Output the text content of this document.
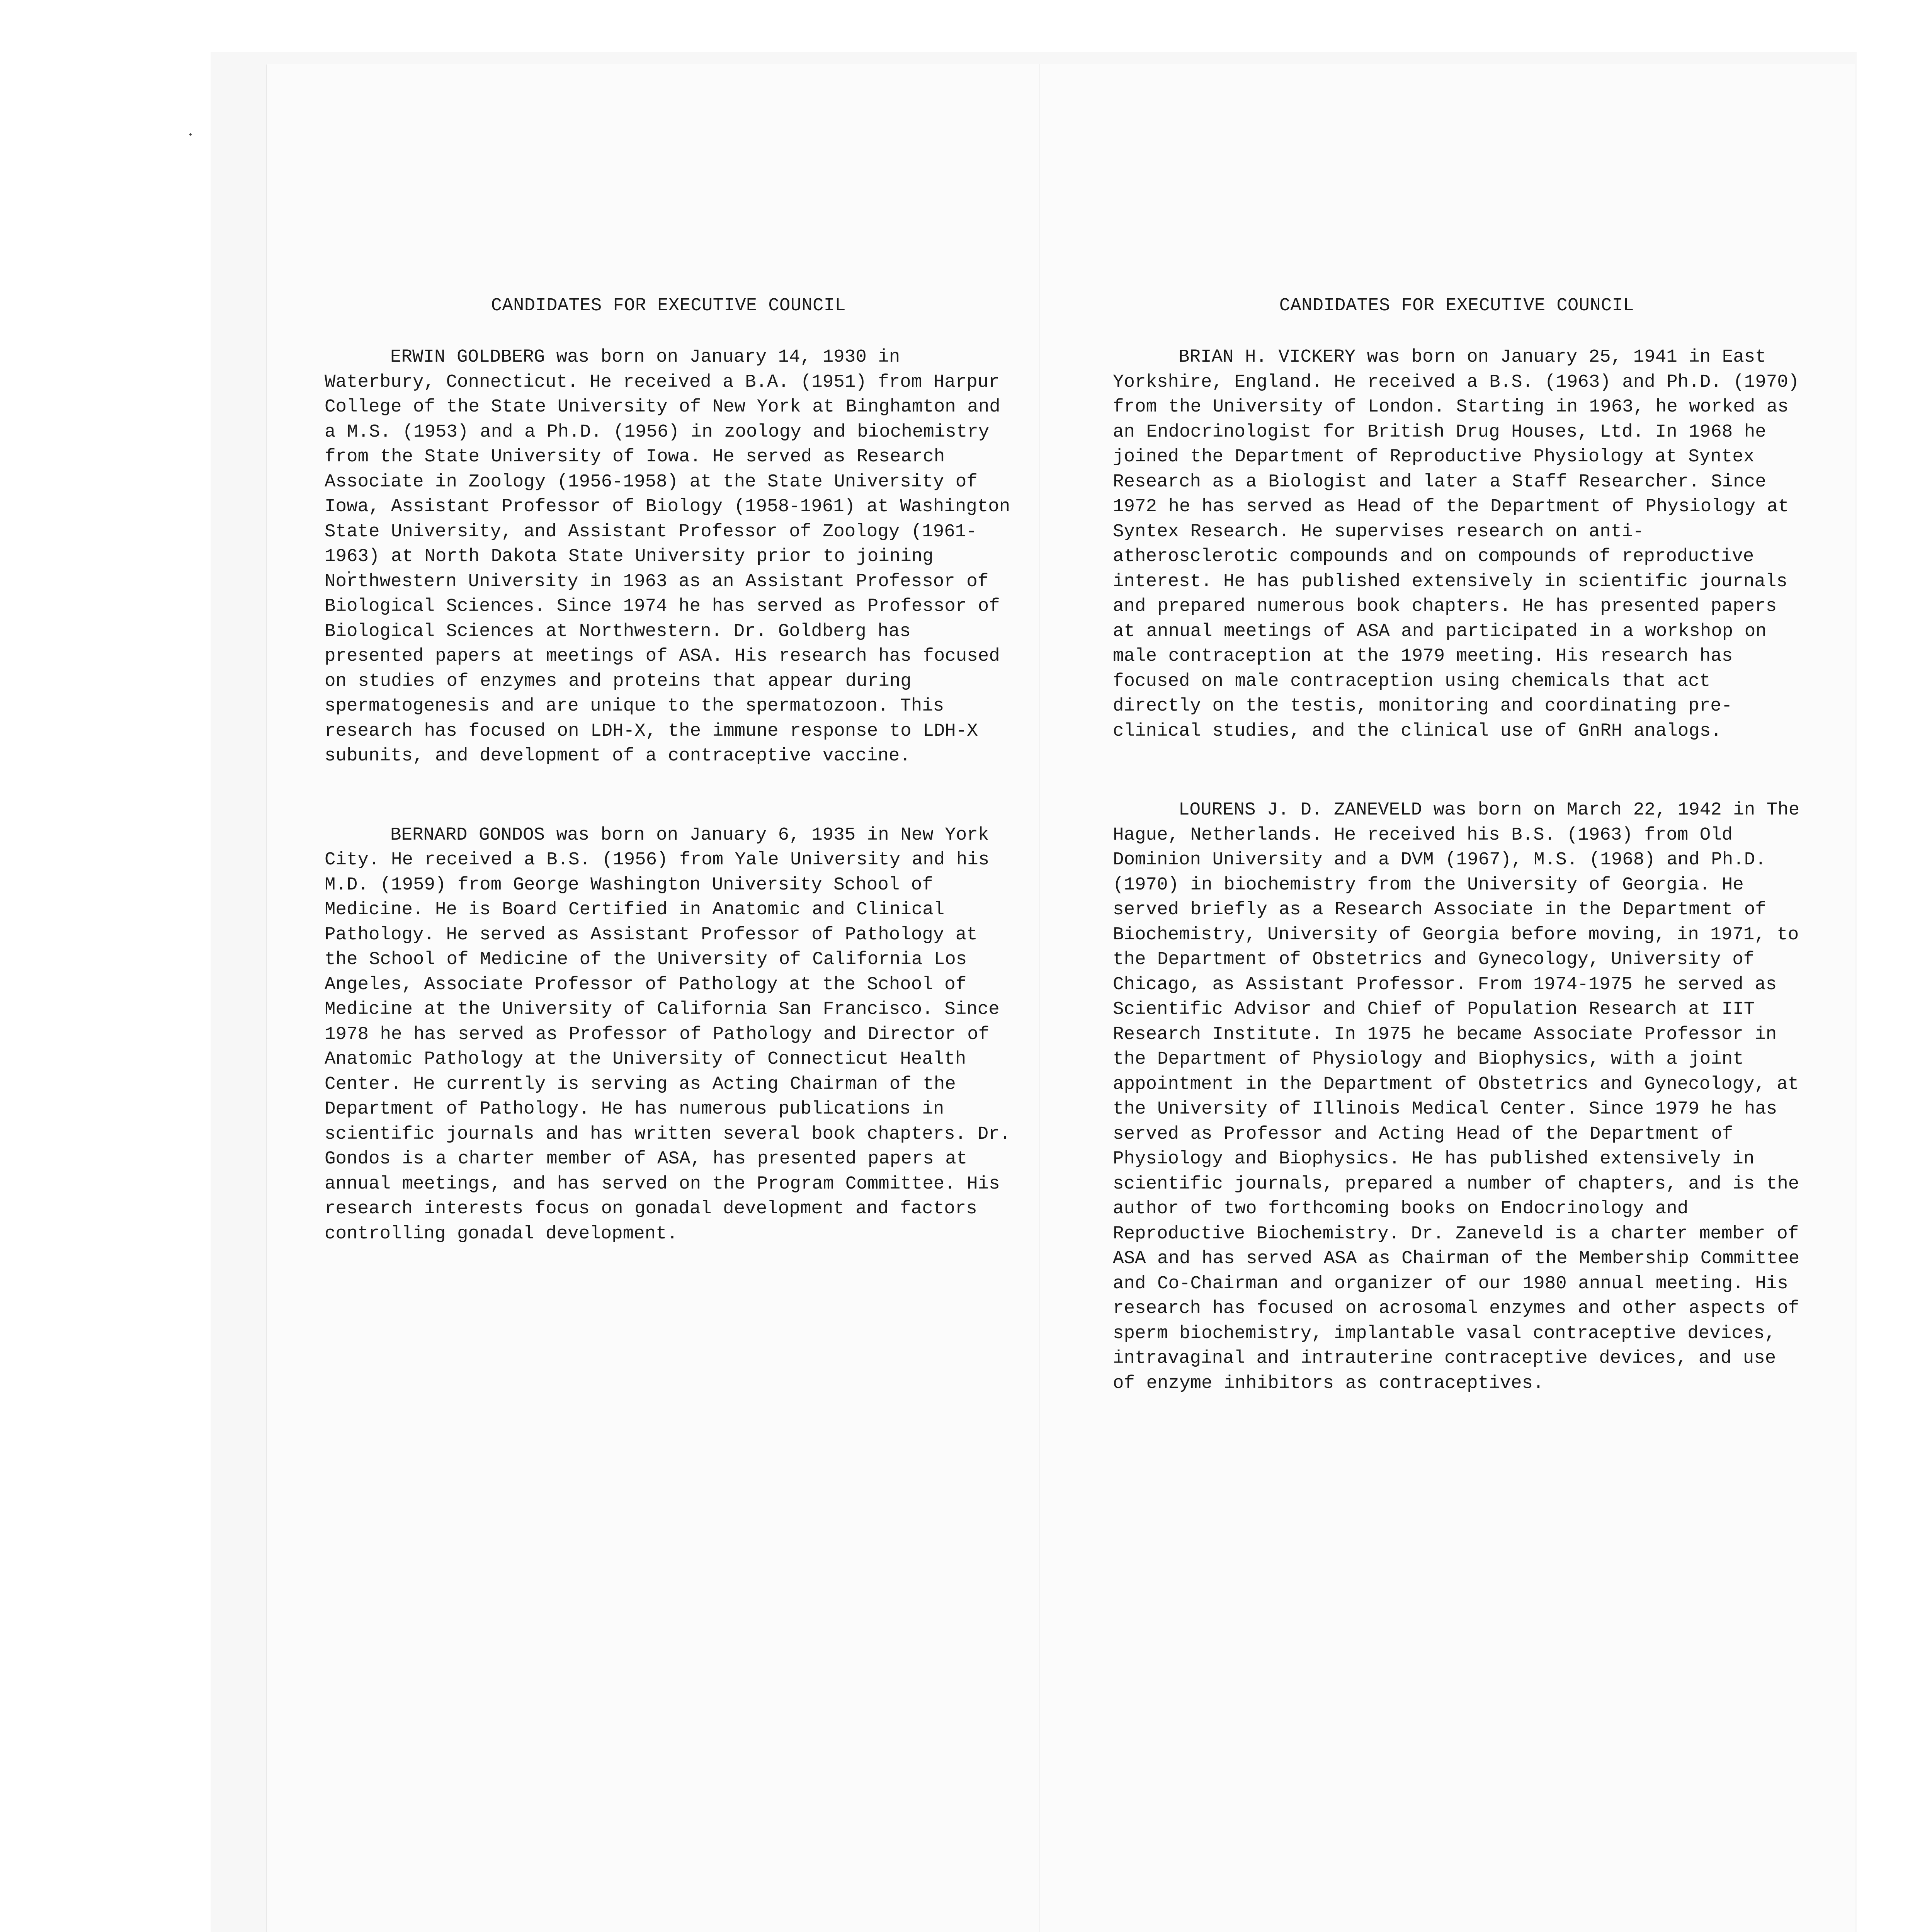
CANDIDATES FOR EXECUTIVE COUNCIL

ERWIN GOLDBERG was born on January 14, 1930 in Waterbury, Connecticut. He received a B.A. (1951) from Harpur College of the State University of New York at Binghamton and a M.S. (1953) and a Ph.D. (1956) in zoology and biochemistry from the State University of Iowa. He served as Research Associate in Zoology (1956-1958) at the State University of Iowa, Assistant Professor of Biology (1958-1961) at Washington State University, and Assistant Professor of Zoology (1961-1963) at North Dakota State University prior to joining Northwestern University in 1963 as an Assistant Professor of Biological Sciences. Since 1974 he has served as Professor of Biological Sciences at Northwestern. Dr. Goldberg has presented papers at meetings of ASA. His research has focused on studies of enzymes and proteins that appear during spermatogenesis and are unique to the spermatozoon. This research has focused on LDH-X, the immune response to LDH-X subunits, and development of a contraceptive vaccine.

BERNARD GONDOS was born on January 6, 1935 in New York City. He received a B.S. (1956) from Yale University and his M.D. (1959) from George Washington University School of Medicine. He is Board Certified in Anatomic and Clinical Pathology. He served as Assistant Professor of Pathology at the School of Medicine of the University of California Los Angeles, Associate Professor of Pathology at the School of Medicine at the University of California San Francisco. Since 1978 he has served as Professor of Pathology and Director of Anatomic Pathology at the University of Connecticut Health Center. He currently is serving as Acting Chairman of the Department of Pathology. He has numerous publications in scientific journals and has written several book chapters. Dr. Gondos is a charter member of ASA, has presented papers at annual meetings, and has served on the Program Committee. His research interests focus on gonadal development and factors controlling gonadal development.

CANDIDATES FOR EXECUTIVE COUNCIL

BRIAN H. VICKERY was born on January 25, 1941 in East Yorkshire, England. He received a B.S. (1963) and Ph.D. (1970) from the University of London. Starting in 1963, he worked as an Endocrinologist for British Drug Houses, Ltd. In 1968 he joined the Department of Reproductive Physiology at Syntex Research as a Biologist and later a Staff Researcher. Since 1972 he has served as Head of the Department of Physiology at Syntex Research. He supervises research on anti-atherosclerotic compounds and on compounds of reproductive interest. He has published extensively in scientific journals and prepared numerous book chapters. He has presented papers at annual meetings of ASA and participated in a workshop on male contraception at the 1979 meeting. His research has focused on male contraception using chemicals that act directly on the testis, monitoring and coordinating pre-clinical studies, and the clinical use of GnRH analogs.

LOURENS J. D. ZANEVELD was born on March 22, 1942 in The Hague, Netherlands. He received his B.S. (1963) from Old Dominion University and a DVM (1967), M.S. (1968) and Ph.D. (1970) in biochemistry from the University of Georgia. He served briefly as a Research Associate in the Department of Biochemistry, University of Georgia before moving, in 1971, to the Department of Obstetrics and Gynecology, University of Chicago, as Assistant Professor. From 1974-1975 he served as Scientific Advisor and Chief of Population Research at IIT Research Institute. In 1975 he became Associate Professor in the Department of Physiology and Biophysics, with a joint appointment in the Department of Obstetrics and Gynecology, at the University of Illinois Medical Center. Since 1979 he has served as Professor and Acting Head of the Department of Physiology and Biophysics. He has published extensively in scientific journals, prepared a number of chapters, and is the author of two forthcoming books on Endocrinology and Reproductive Biochemistry. Dr. Zaneveld is a charter member of ASA and has served ASA as Chairman of the Membership Committee and Co-Chairman and organizer of our 1980 annual meeting. His research has focused on acrosomal enzymes and other aspects of sperm biochemistry, implantable vasal contraceptive devices, intravaginal and intrauterine contraceptive devices, and use of enzyme inhibitors as contraceptives.
